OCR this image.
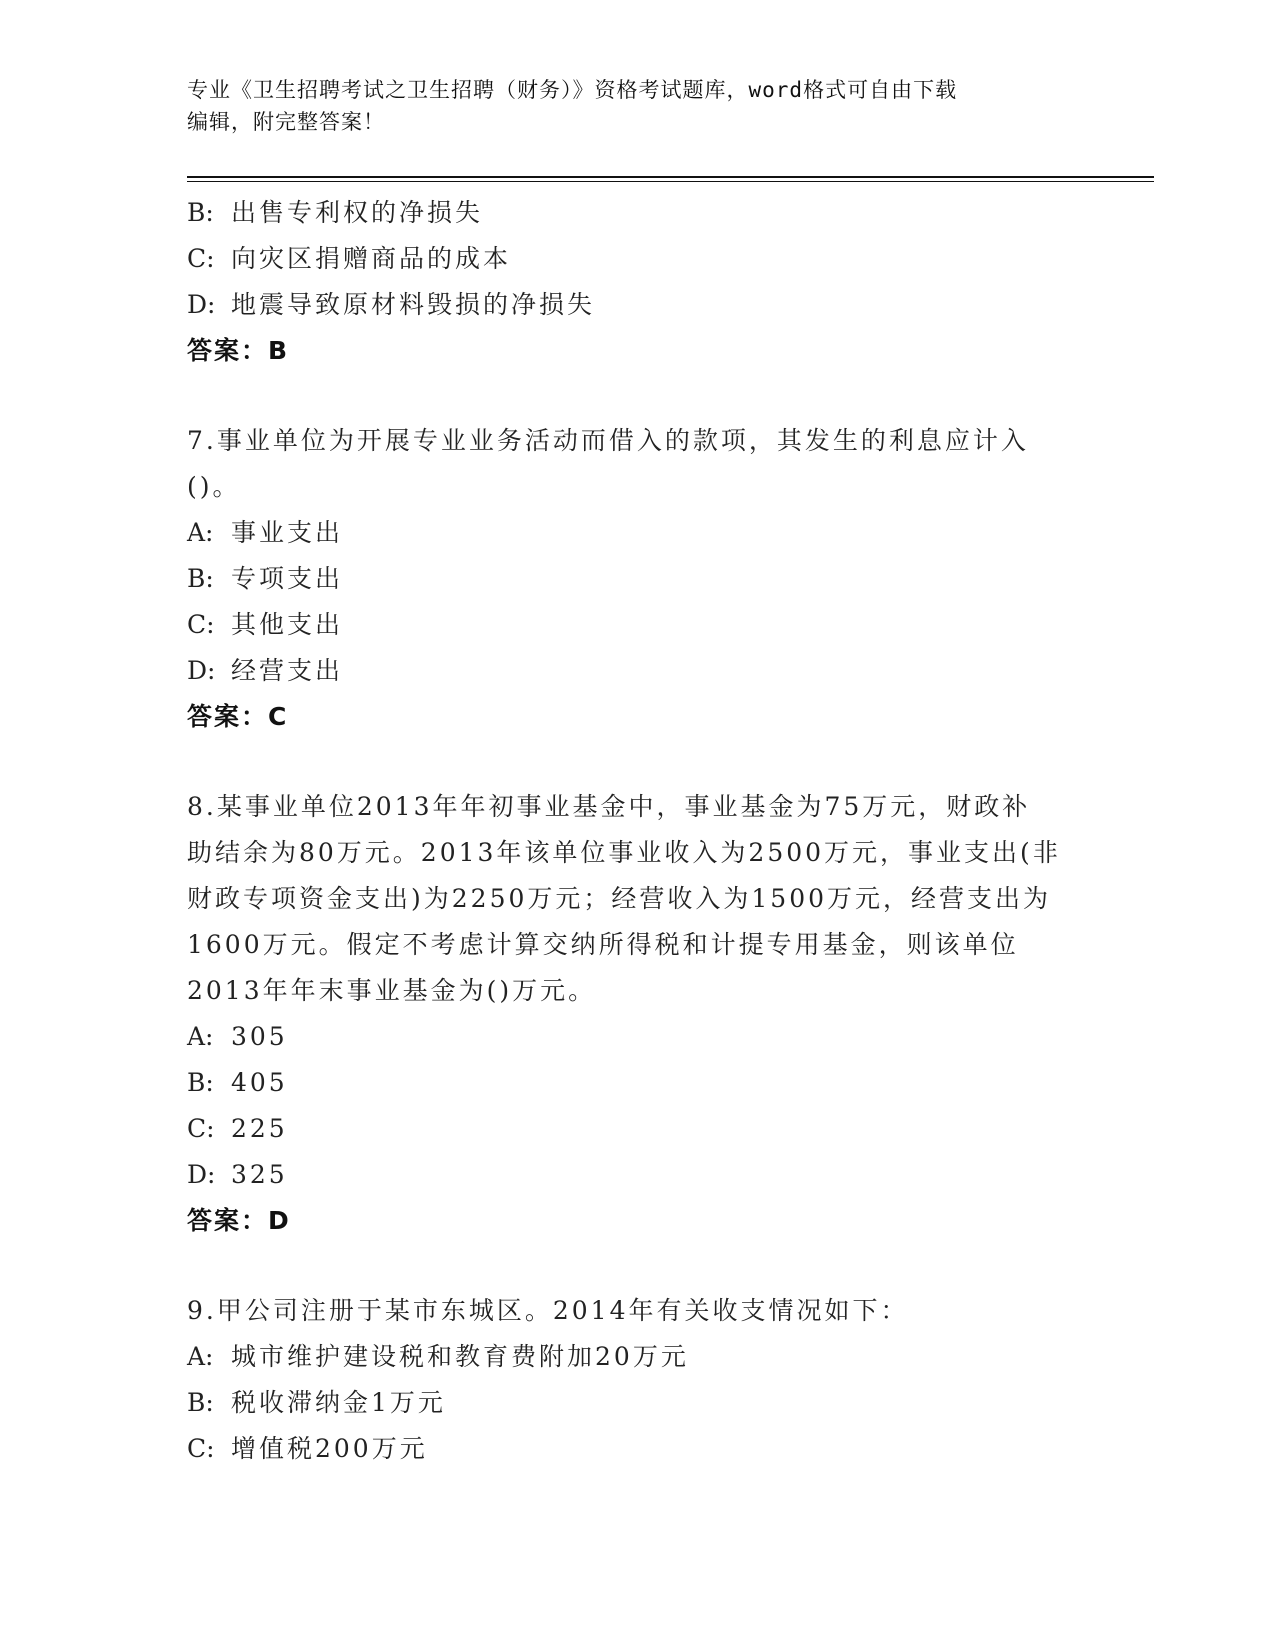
专业《卫生招聘考试之卫生招聘（财务）》资格考试题库，word格式可自由下载
编辑，附完整答案！
B: 出售专利权的净损失
C: 向灾区捐赠商品的成本
D: 地震导致原材料毁损的净损失
答案：B
7.事业单位为开展专业业务活动而借入的款项，其发生的利息应计入
()。
A: 事业支出
B: 专项支出
C: 其他支出
D: 经营支出
答案：C
8.某事业单位2013年年初事业基金中，事业基金为75万元，财政补
助结余为80万元。2013年该单位事业收入为2500万元，事业支出(非
财政专项资金支出)为2250万元；经营收入为1500万元，经营支出为
1600万元。假定不考虑计算交纳所得税和计提专用基金，则该单位
2013年年末事业基金为()万元。
A: 305
B: 405
C: 225
D: 325
答案：D
9.甲公司注册于某市东城区。2014年有关收支情况如下：
A: 城市维护建设税和教育费附加20万元
B: 税收滞纳金1万元
C: 增值税200万元
